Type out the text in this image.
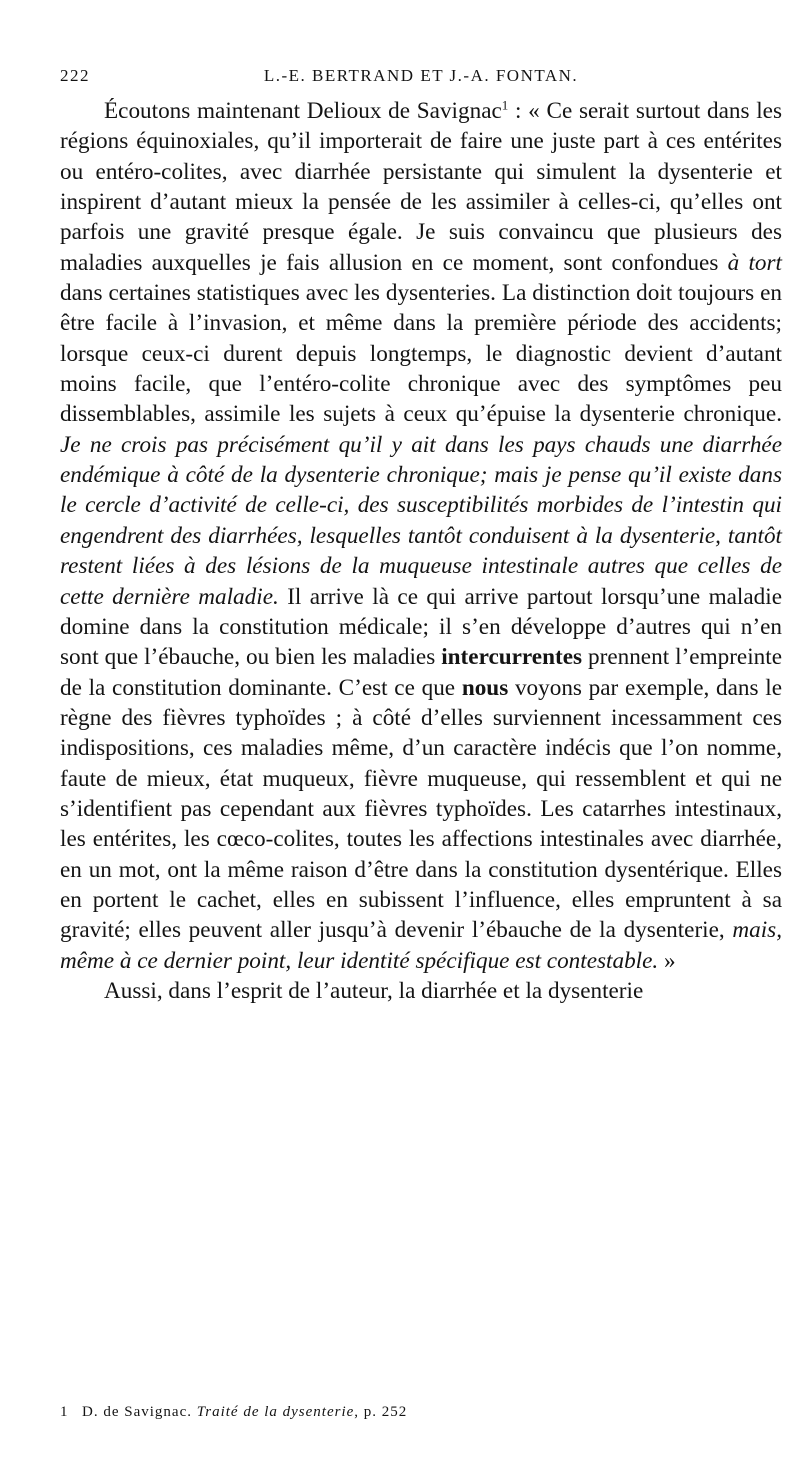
222	L.-E. BERTRAND ET J.-A. FONTAN.

Écoutons maintenant Delioux de Savignac$^1$ : « Ce serait surtout dans les régions équinoxiales, qu’il importerait de faire une juste part à ces entérites ou entéro-colites, avec diarrhée persistante qui simulent la dysenterie et inspirent d’autant mieux la pensée de les assimiler à celles-ci, qu’elles ont parfois une gravité presque égale. Je suis convaincu que plusieurs des maladies auxquelles je fais allusion en ce moment, sont confondues à tort dans certaines statistiques avec les dysenteries. La distinction doit toujours en être facile à l’invasion, et même dans la première période des accidents; lorsque ceux-ci durent depuis longtemps, le diagnostic devient d’autant moins facile, que l’entéro-colite chronique avec des symptômes peu dissemblables, assimile les sujets à ceux qu’épuise la dysenterie chronique. Je ne crois pas précisément qu’il y ait dans les pays chauds une diarrhée endémique à côté de la dysenterie chronique; mais je pense qu’il existe dans le cercle d’activité de celle-ci, des susceptibilités morbides de l’intestin qui engendrent des diarrhées, lesquelles tantôt conduisent à la dysenterie, tantôt restent liées à des lésions de la muqueuse intestinale autres que celles de cette dernière maladie. Il arrive là ce qui arrive partout lorsqu’une maladie domine dans la constitution médicale; il s’en développe d’autres qui n’en sont que l’ébauche, ou bien les maladies intercurrentes prennent l’empreinte de la constitution dominante. C’est ce que nous voyons par exemple, dans le règne des fièvres typhoïdes ; à côté d’elles surviennent incessamment ces indispositions, ces maladies même, d’un caractère indécis que l’on nomme, faute de mieux, état muqueux, fièvre muqueuse, qui ressemblent et qui ne s’identifient pas cependant aux fièvres typhoïdes. Les catarrhes intestinaux, les entérites, les cœco-colites, toutes les affections intestinales avec diarrhée, en un mot, ont la même raison d’être dans la constitution dysentérique. Elles en portent le cachet, elles en subissent l’influence, elles empruntent à sa gravité; elles peuvent aller jusqu’à devenir l’ébauche de la dysenterie, mais, même à ce dernier point, leur identité spécifique est contestable. »

Aussi, dans l’esprit de l’auteur, la diarrhée et la dysenterie

1 D. de Savignac. Traité de la dysenterie, p. 252
